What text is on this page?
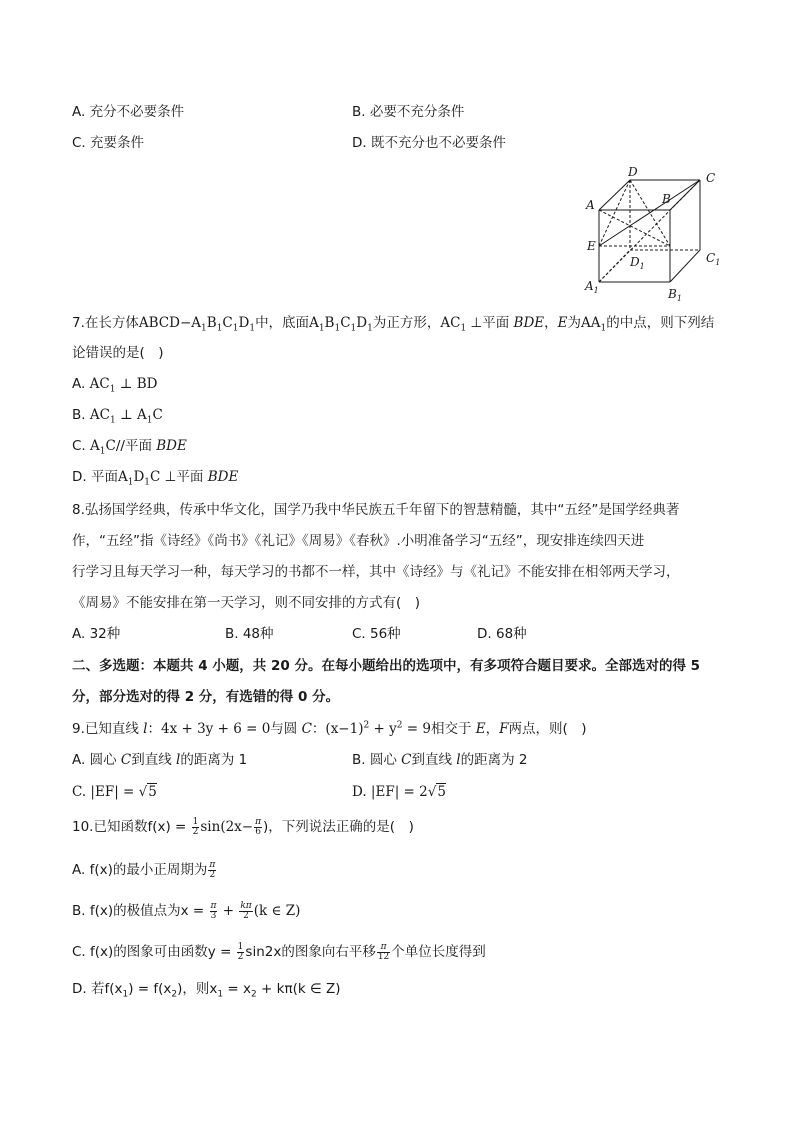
A. 充分不必要条件	B. 必要不充分条件
C. 充要条件	D. 既不充分也不必要条件
A
D
B
C
E
$D_1$
$C_1$
$A_1$	$B_1$
7.在长方体$ABCD-A_1B_1C_1D_1$中，底面$A_1B_1C_1D_1$为正方形，$AC_1$ ⊥平面 BDE，E为$AA_1$的中点，则下列结
论错误的是(　)
A. $AC_1$ ⊥ BD
B. $AC_1$ ⊥ $A_1C$
C. $A_1C//$平面 BDE
D. 平面$A_1D_1C$ ⊥平面 BDE
8.弘扬国学经典，传承中华文化，国学乃我中华民族五千年留下的智慧精髓，其中“五经”是国学经典著
作，“五经”指《诗经》《尚书》《礼记》《周易》《春秋》.小明准备学习“五经”，现安排连续四天进
行学习且每天学习一种，每天学习的书都不一样，其中《诗经》与《礼记》不能安排在相邻两天学习，
《周易》不能安排在第一天学习，则不同安排的方式有(　)
A. 32种	B. 48种	C. 56种	D. 68种
二、多选题：本题共 4 小题，共 20 分。在每小题给出的选项中，有多项符合题目要求。全部选对的得 5
分，部分选对的得 2 分，有选错的得 0 分。
9.已知直线 l：4x + 3y + 6 = 0与圆 C：$(x-1)^2 + y^2 = 9$相交于 E，F两点，则(　)
A. 圆心 C到直线 l的距离为 1	B. 圆心 C到直线 l的距离为 2
C. |EF| = √5	D. |EF| = 2√5
10.已知函数$f(x) = \frac{1}{2} \sin(2x- \frac{\pi}{6}$ )，下列说法正确的是(　)
A. f(x)的最小正周期为 $\frac{\pi}{2}$
B. f(x)的极值点为$x = \frac{\pi}{3} + \frac{k\pi}{2} (k$ ∈ Z)
C. f(x)的图象可由函数$y = \frac{1}{2} \sin 2x$的图象向右平移 $\frac{\pi}{12}$ 个单位长度得到
D. 若$f(x_1) = f(x_2)$，则$x_1 = x_2 + k\pi(k$ ∈ Z)
